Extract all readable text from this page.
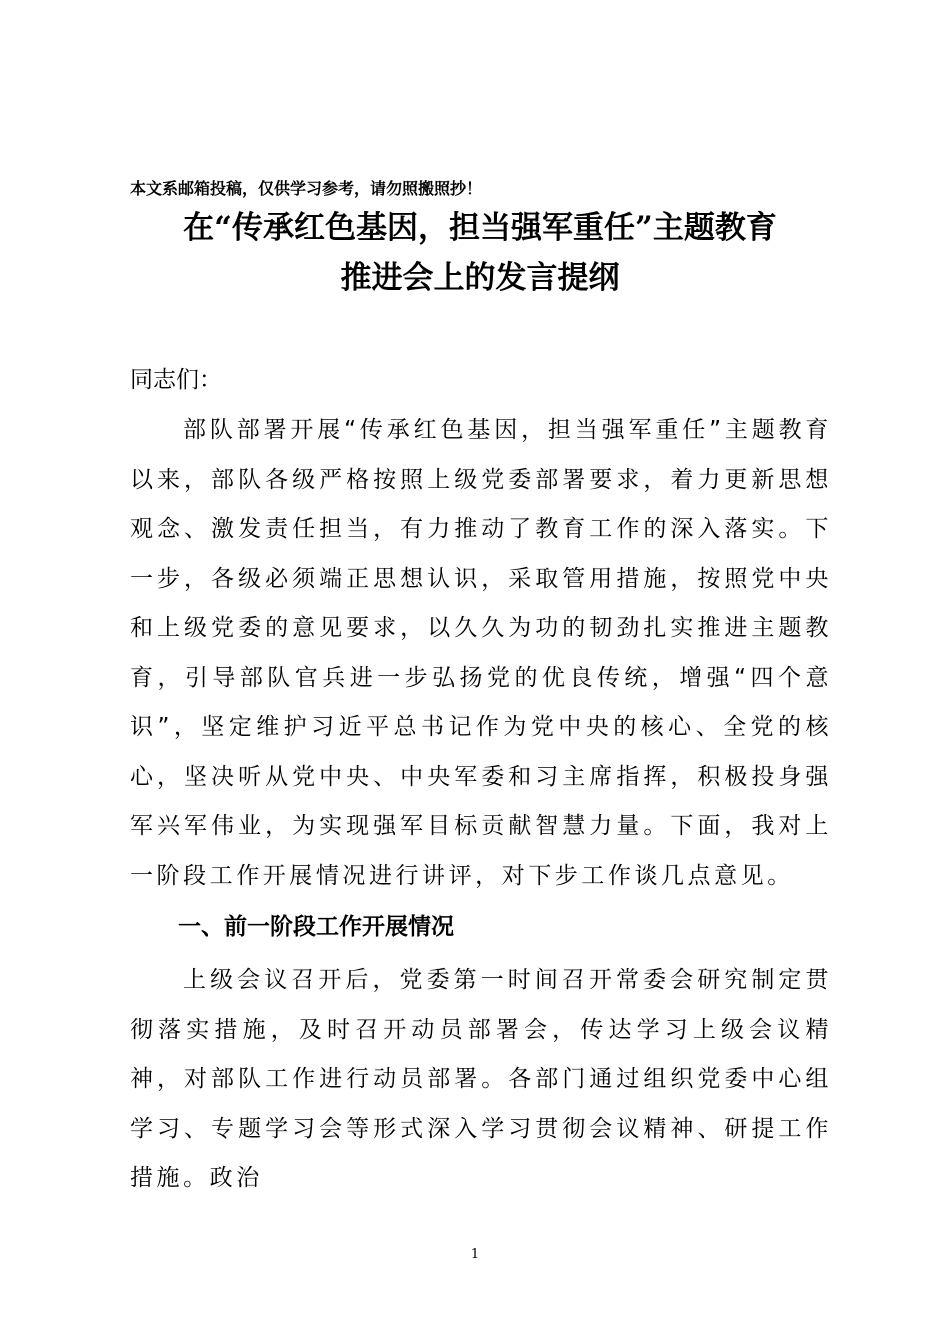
本文系邮箱投稿，仅供学习参考，请勿照搬照抄！
在“传承红色基因，担当强军重任”主题教育
推进会上的发言提纲
同志们：

部队部署开展“传承红色基因，担当强军重任”主题教育以来，部队各级严格按照上级党委部署要求，着力更新思想观念、激发责任担当，有力推动了教育工作的深入落实。下一步，各级必须端正思想认识，采取管用措施，按照党中央和上级党委的意见要求，以久久为功的韧劲扎实推进主题教育，引导部队官兵进一步弘扬党的优良传统，增强“四个意识”，坚定维护习近平总书记作为党中央的核心、全党的核心，坚决听从党中央、中央军委和习主席指挥，积极投身强军兴军伟业，为实现强军目标贡献智慧力量。下面，我对上一阶段工作开展情况进行讲评，对下步工作谈几点意见。

一、前一阶段工作开展情况

上级会议召开后，党委第一时间召开常委会研究制定贯彻落实措施，及时召开动员部署会，传达学习上级会议精神，对部队工作进行动员部署。各部门通过组织党委中心组学习、专题学习会等形式深入学习贯彻会议精神、研提工作措施。政治

1
